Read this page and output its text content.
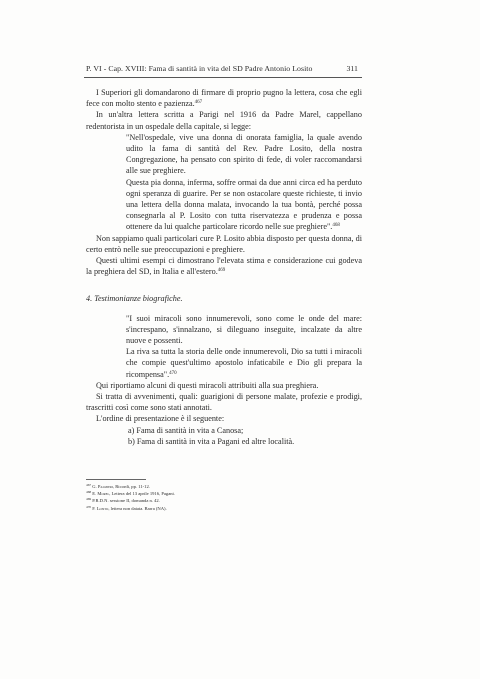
P. VI - Cap. XVIII: Fama di santità in vita del SD Padre Antonio Losito	311

I Superiori gli domandarono di firmare di proprio pugno la lettera, cosa che egli fece con molto stento e pazienza.$^{467}$

In un'altra lettera scritta a Parigi nel 1916 da Padre Marel, cappellano redentorista in un ospedale della capitale, si legge:

"Nell'ospedale, vive una donna di onorata famiglia, la quale avendo udito la fama di santità del Rev. Padre Losito, della nostra Congregazione, ha pensato con spirito di fede, di voler raccomandarsi alle sue preghiere.

Questa pia donna, inferma, soffre ormai da due anni circa ed ha perduto ogni speranza di guarire. Per se non ostacolare queste richieste, ti invio una lettera della donna malata, invocando la tua bontà, perché possa consegnarla al P. Losito con tutta riservatezza e prudenza e possa ottenere da lui qualche particolare ricordo nelle sue preghiere".$^{468}$

Non sappiamo quali particolari cure P. Losito abbia disposto per questa donna, di certo entrò nelle sue preoccupazioni e preghiere.

Questi ultimi esempi ci dimostrano l'elevata stima e considerazione cui godeva la preghiera del SD, in Italia e all'estero.$^{469}$

4. Testimonianze biografiche.

"I suoi miracoli sono innumerevoli, sono come le onde del mare: s'increspano, s'innalzano, si dileguano inseguite, incalzate da altre nuove e possenti.

La riva sa tutta la storia delle onde innumerevoli, Dio sa tutti i miracoli che compie quest'ultimo apostolo infaticabile e Dio gli prepara la ricompensa".$^{470}$

Qui riportiamo alcuni di questi miracoli attribuiti alla sua preghiera.

Si tratta di avvenimenti, quali: guarigioni di persone malate, profezie e prodigi, trascritti così come sono stati annotati.

L'ordine di presentazione è il seguente:

a) Fama di santità in vita a Canosa;

b) Fama di santità in vita a Pagani ed altre località.

$^{467}$ G. Palmieri, Ricordi, pp. 11-12.
$^{468}$ E. Morel, Lettera del 13 aprile 1916, Pagani.
$^{469}$ P.R.D.N. sessione II, domanda n. 42.
$^{470}$ F. Losito, lettera non datata. Barra (NA).
